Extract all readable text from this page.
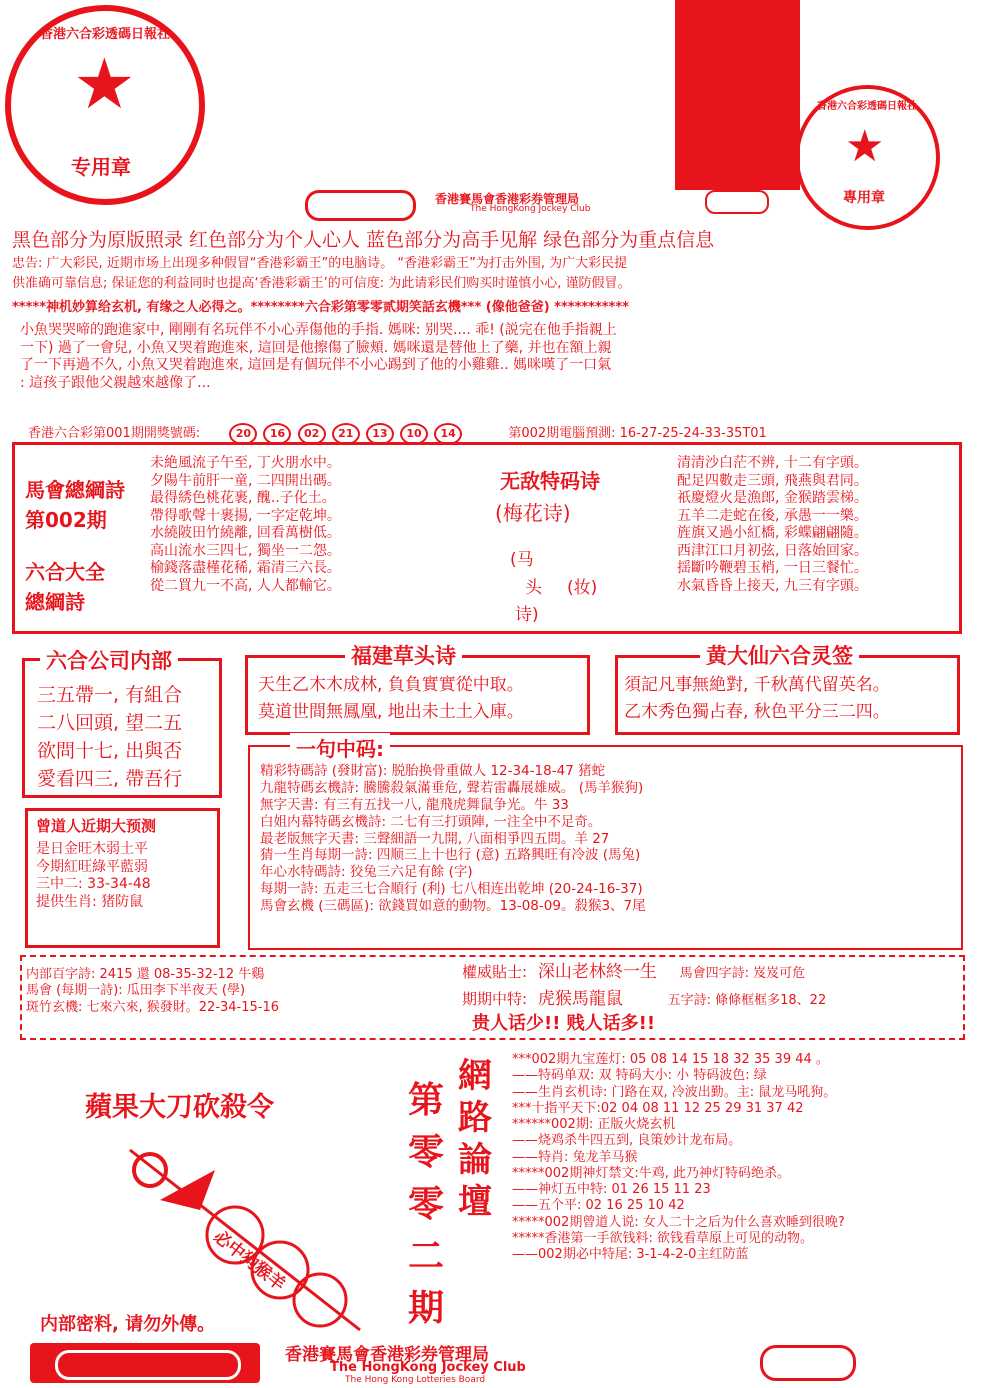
王
★
香港六合彩透碼日報社
专用章	★
香港六合彩透碼日報社
專用章
香港賽馬會香港彩券管理局
The HongKong Jockey Club
黑色部分为原版照录 红色部分为个人心人 蓝色部分为高手见解 绿色部分为重点信息
忠告: 广大彩民, 近期市场上出现多种假冒“香港彩霸王”的电脑诗。 “香港彩霸王”为打击外围, 为广大彩民提
供准确可靠信息; 保证您的利益同时也提高‘香港彩霸王’的可信度: 为此请彩民们购买时谨慎小心, 谨防假冒。
*****神机妙算给玄机, 有缘之人必得之。********六合彩第零零贰期笑話玄機*** (像他爸爸) ***********
小魚哭哭啼的跑進家中, 剛剛有名玩伴不小心弄傷他的手指. 媽咪: 别哭.... 乖! (説完在他手指親上
一下) 過了一會兒, 小魚又哭着跑進來, 這回是他擦傷了臉頰. 媽咪還是替他上了藥, 并也在額上親
了一下再過不久, 小魚又哭着跑進來, 這回是有個玩伴不小心踢到了他的小雞雞.. 媽咪嘆了一口氣
: 這孩子跟他父親越來越像了...
香港六合彩第001期開獎號碼:	20 16 02 21 13 10 14	第002期電腦預測: 16-27-25-24-33-35T01
馬會總綱詩
第002期
六合大全
總綱詩
未絶風流子午至, 丁火朋水中。
夕陽牛前肝一童, 二四開出碼。
最得綉色桃花裹, 醜..子化土。
帶得歌聲十裹揚, 一字定乾坤。
水繞陂田竹繞離, 回看萬樹低。
高山流水三四七, 獨坐一二怨。
榆錢落盡槿花稀, 霜清三六長。
從二買九一不高, 人人都輸它。
无敌特码诗
(梅花诗)
(马
头
诗)
(妆)
清清沙白茫不辨, 十二有字頭。
配足四數走三頭, 飛燕與君同。
祇慶燈火是漁郎, 金猴踏雲梯。
五羊二走蛇在後, 承愚一一樂。
旌旗又過小紅橋, 彩蝶翩翩隨。
西津江口月初弦, 日落始回家。
揺斷吟鞭碧玉梢, 一日三餐忙。
水氣昏昏上接天, 九三有字頭。
三五帶一, 有組合
二八回頭, 望二五
欲問十七, 出與否
愛看四三, 帶吾行
六合公司内部
天生乙木木成林, 負負實實從中取。
莫道世間無鳳凰, 地出未土土入庫。
福建草头诗
須記凡事無絶對, 千秋萬代留英名。
乙木秀色獨占春, 秋色平分三二四。
黄大仙六合灵签
精彩特碼詩 (發財富): 脱胎换骨重做人 12-34-18-47 猪蛇
九龍特碼玄機詩: 騰騰殺氣滿垂危, 聲若雷轟展雄威。 (馬羊猴狗)
無字天書: 有三有五找一八, 龍飛虎舞鼠争光。牛 33
白姐内幕特碼玄機詩: 二七有三打頭陣, 一注全中不足奇。
最老版無字天書: 三聲細語一九開, 八面相爭四五問。羊 27
猜一生肖每期一詩: 四顺三上十也行 (意) 五路興旺有冷波 (馬兔)
年心水特碼詩: 狡兔三六足有餘 (字)
每期一詩: 五走三七合順行 (利) 七八相连出乾坤 (20-24-16-37)
馬會玄機 (三碼區): 欲錢買如意的動物。13-08-09。殺猴3、7尾
一句中码:
曾道人近期大预测
是日金旺木弱土平
今期紅旺綠平藍弱
三中二: 33-34-48
提供生肖: 猪防鼠
内部百字詩: 2415 還 08-35-32-12 牛鷄
馬會 (每期一詩): 瓜田李下半夜天 (學)
斑竹玄機: 七來六來, 猴發財。22-34-15-16
權威貼士: 深山老林終一生 馬會四字詩: 岌岌可危
期期中特: 虎猴馬龍鼠	五字詩: 條條框框多18、22
贵人话少!! 贱人话多!!
蘋果大刀砍殺令
必中狗猴羊
内部密料, 请勿外傳。
網路論壇
第零零二期
***002期九宝莲灯: 05 08 14 15 18 32 35 39 44 。
——特码单双: 双 特码大小: 小 特码波色: 绿
——生肖玄机诗: 门路在双, 冷波出勤。主: 鼠龙马吼狗。
***十指平天下:02 04 08 11 12 25 29 31 37 42
******002期: 正版火烧玄机
——烧鸡杀牛四五到, 良策妙计龙布局。
——特肖: 兔龙羊马猴
*****002期神灯禁文:牛鸡, 此乃神灯特码绝杀。
——神灯五中特: 01 26 15 11 23
——五个平: 02 16 25 10 42
*****002期曾道人说: 女人二十之后为什么喜欢睡到很晚?
*****香港第一手欲钱料: 欲钱看草原上可见的动物。
——002期必中特尾: 3-1-4-2-0主红防蓝
香港賽馬會香港彩券管理局
The HongKong Jockey Club
The Hong Kong Lotteries Board
